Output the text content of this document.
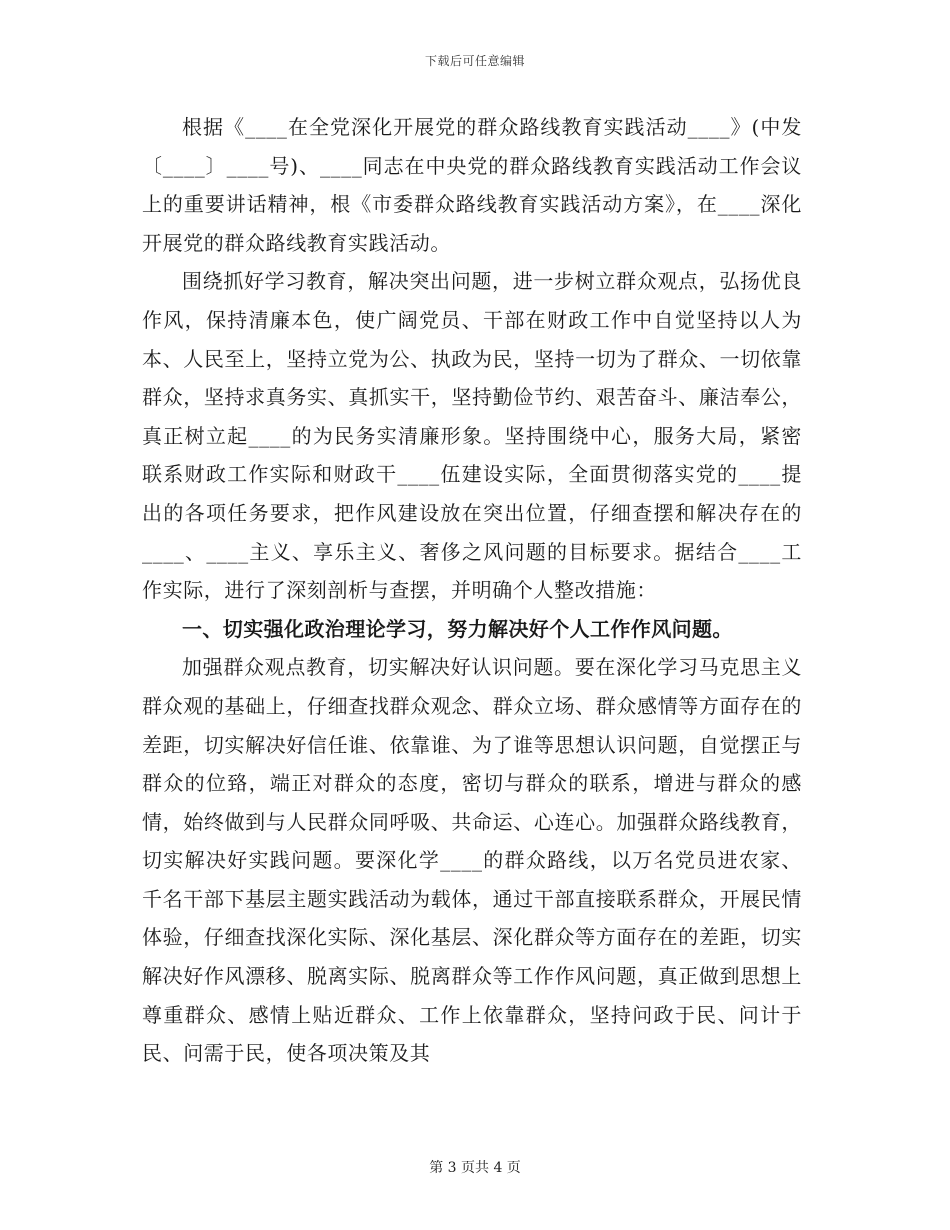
下载后可任意编辑

根据《____在全党深化开展党的群众路线教育实践活动____》(中发〔____〕____号)、____同志在中央党的群众路线教育实践活动工作会议上的重要讲话精神，根《市委群众路线教育实践活动方案》，在____深化开展党的群众路线教育实践活动。

围绕抓好学习教育，解决突出问题，进一步树立群众观点，弘扬优良作风，保持清廉本色，使广阔党员、干部在财政工作中自觉坚持以人为本、人民至上，坚持立党为公、执政为民，坚持一切为了群众、一切依靠群众，坚持求真务实、真抓实干，坚持勤俭节约、艰苦奋斗、廉洁奉公，真正树立起____的为民务实清廉形象。坚持围绕中心，服务大局，紧密联系财政工作实际和财政干____伍建设实际，全面贯彻落实党的____提出的各项任务要求，把作风建设放在突出位置，仔细查摆和解决存在的____、____主义、享乐主义、奢侈之风问题的目标要求。据结合____工作实际，进行了深刻剖析与查摆，并明确个人整改措施：

一、切实强化政治理论学习，努力解决好个人工作作风问题。

加强群众观点教育，切实解决好认识问题。要在深化学习马克思主义群众观的基础上，仔细查找群众观念、群众立场、群众感情等方面存在的差距，切实解决好信任谁、依靠谁、为了谁等思想认识问题，自觉摆正与群众的位臵，端正对群众的态度，密切与群众的联系，增进与群众的感情，始终做到与人民群众同呼吸、共命运、心连心。加强群众路线教育，切实解决好实践问题。要深化学____的群众路线，以万名党员进农家、千名干部下基层主题实践活动为载体，通过干部直接联系群众，开展民情体验，仔细查找深化实际、深化基层、深化群众等方面存在的差距，切实解决好作风漂移、脱离实际、脱离群众等工作作风问题，真正做到思想上尊重群众、感情上贴近群众、工作上依靠群众，坚持问政于民、问计于民、问需于民，使各项决策及其

第 3 页共 4 页
